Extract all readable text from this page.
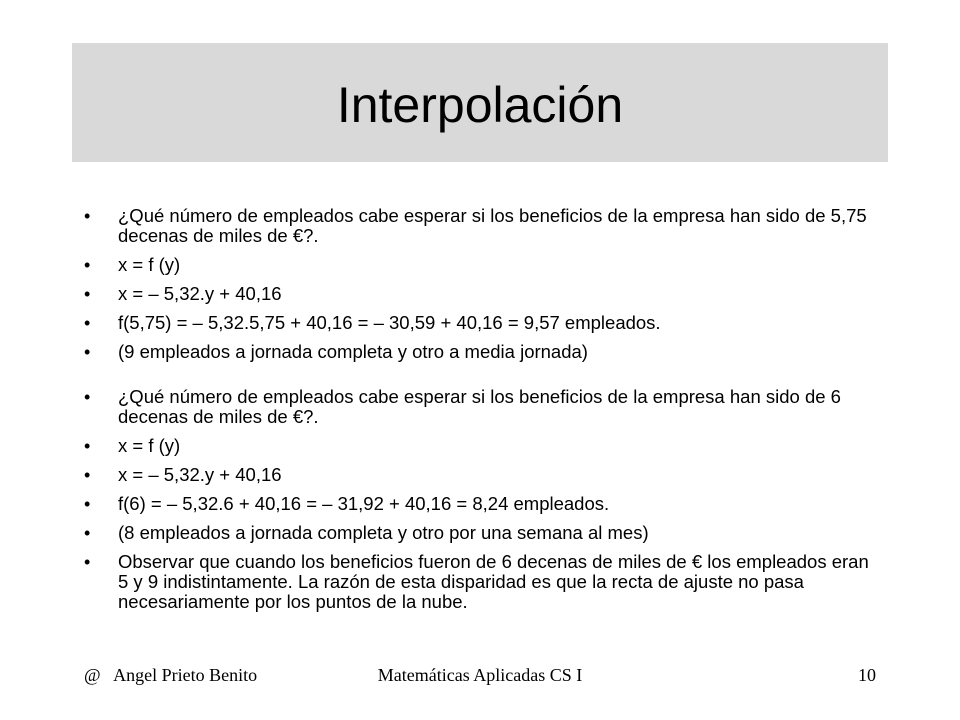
Interpolación
• ¿Qué número de empleados cabe esperar si los beneficios de la empresa han sido de 5,75 decenas de miles de €?.
• x = f (y)
• x = – 5,32.y + 40,16
• f(5,75) = – 5,32.5,75 + 40,16 = – 30,59 + 40,16 = 9,57 empleados.
• (9 empleados a jornada completa y otro a media jornada)
• ¿Qué número de empleados cabe esperar si los beneficios de la empresa han sido de 6 decenas de miles de €?.
• x = f (y)
• x = – 5,32.y + 40,16
• f(6) = – 5,32.6 + 40,16 = – 31,92 + 40,16 = 8,24 empleados.
• (8 empleados a jornada completa y otro por una semana al mes)
• Observar que cuando los beneficios fueron de 6 decenas de miles de € los empleados eran 5 y 9 indistintamente. La razón de esta disparidad es que la recta de ajuste no pasa necesariamente por los puntos de la nube.
@   Angel Prieto Benito	Matemáticas Aplicadas CS I	10
